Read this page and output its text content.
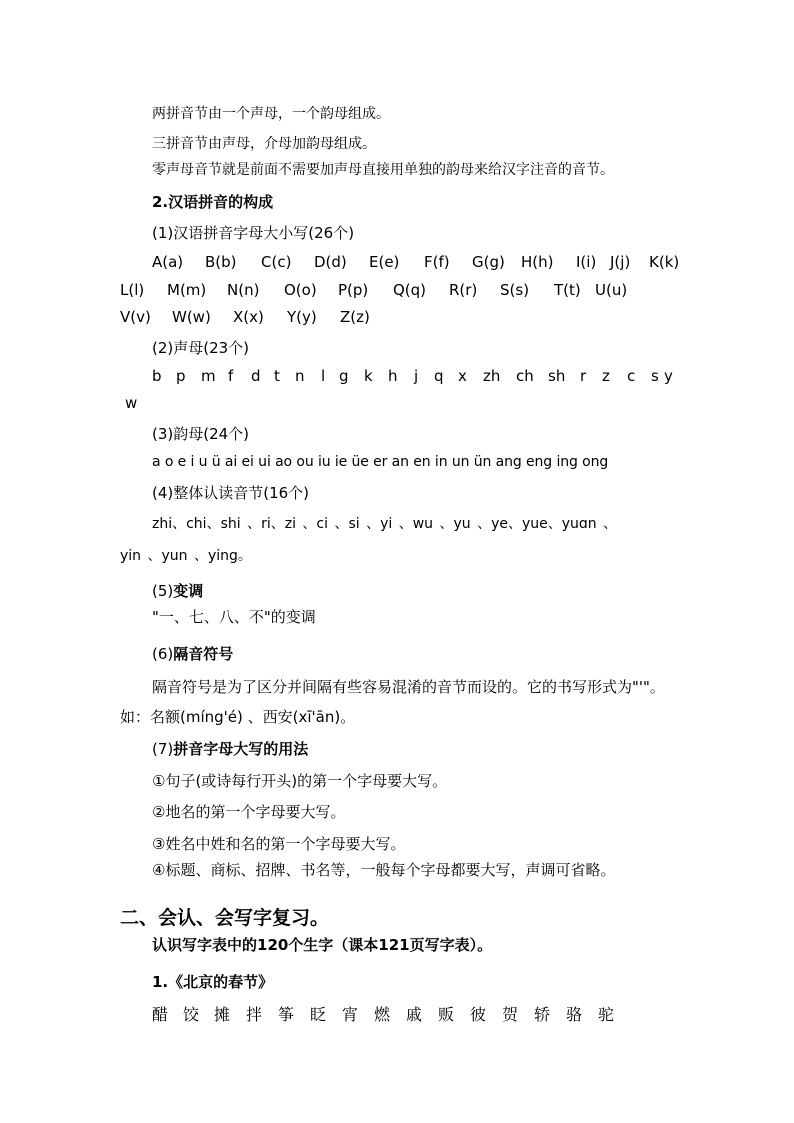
两拼音节由一个声母，一个韵母组成。
三拼音节由声母，介母加韵母组成。
零声母音节就是前面不需要加声母直接用单独的韵母来给汉字注音的音节。
2.汉语拼音的构成
(1)汉语拼音字母大小写(26个)
A(a) B(b) C(c) D(d) E(e) F(f) G(g) H(h) I(i) J(j) K(k)
L(l) M(m) N(n) O(o) P(p) Q(q) R(r) S(s) T(t) U(u)
V(v) W(w) X(x) Y(y) Z(z)
(2)声母(23个)
b p m f d t n l g k h j q x zh ch sh r z c s y
w
(3)韵母(24个)
a o e i u ü ai ei ui ao ou iu ie üe er an en in un ün ang eng ing ong
(4)整体认读音节(16个)
zhi、chi、shi 、ri、zi 、ci 、si 、yi 、wu 、yu 、ye、yue、yuɑn 、
yin 、yun 、ying。
(5)变调
"一、七、八、不"的变调
(6)隔音符号
隔音符号是为了区分并间隔有些容易混淆的音节而设的。它的书写形式为"'"。
如：名额(míng'é) 、西安(xī'ān)。
(7)拼音字母大写的用法
①句子(或诗每行开头)的第一个字母要大写。
②地名的第一个字母要大写。
③姓名中姓和名的第一个字母要大写。
④标题、商标、招牌、书名等，一般每个字母都要大写，声调可省略。
二、会认、会写字复习。
认识写字表中的120个生字（课本121页写字表）。
1.《北京的春节》
醋 饺 摊 拌 筝 眨 宵 燃 戚 贩 彼 贺 轿 骆 驼
